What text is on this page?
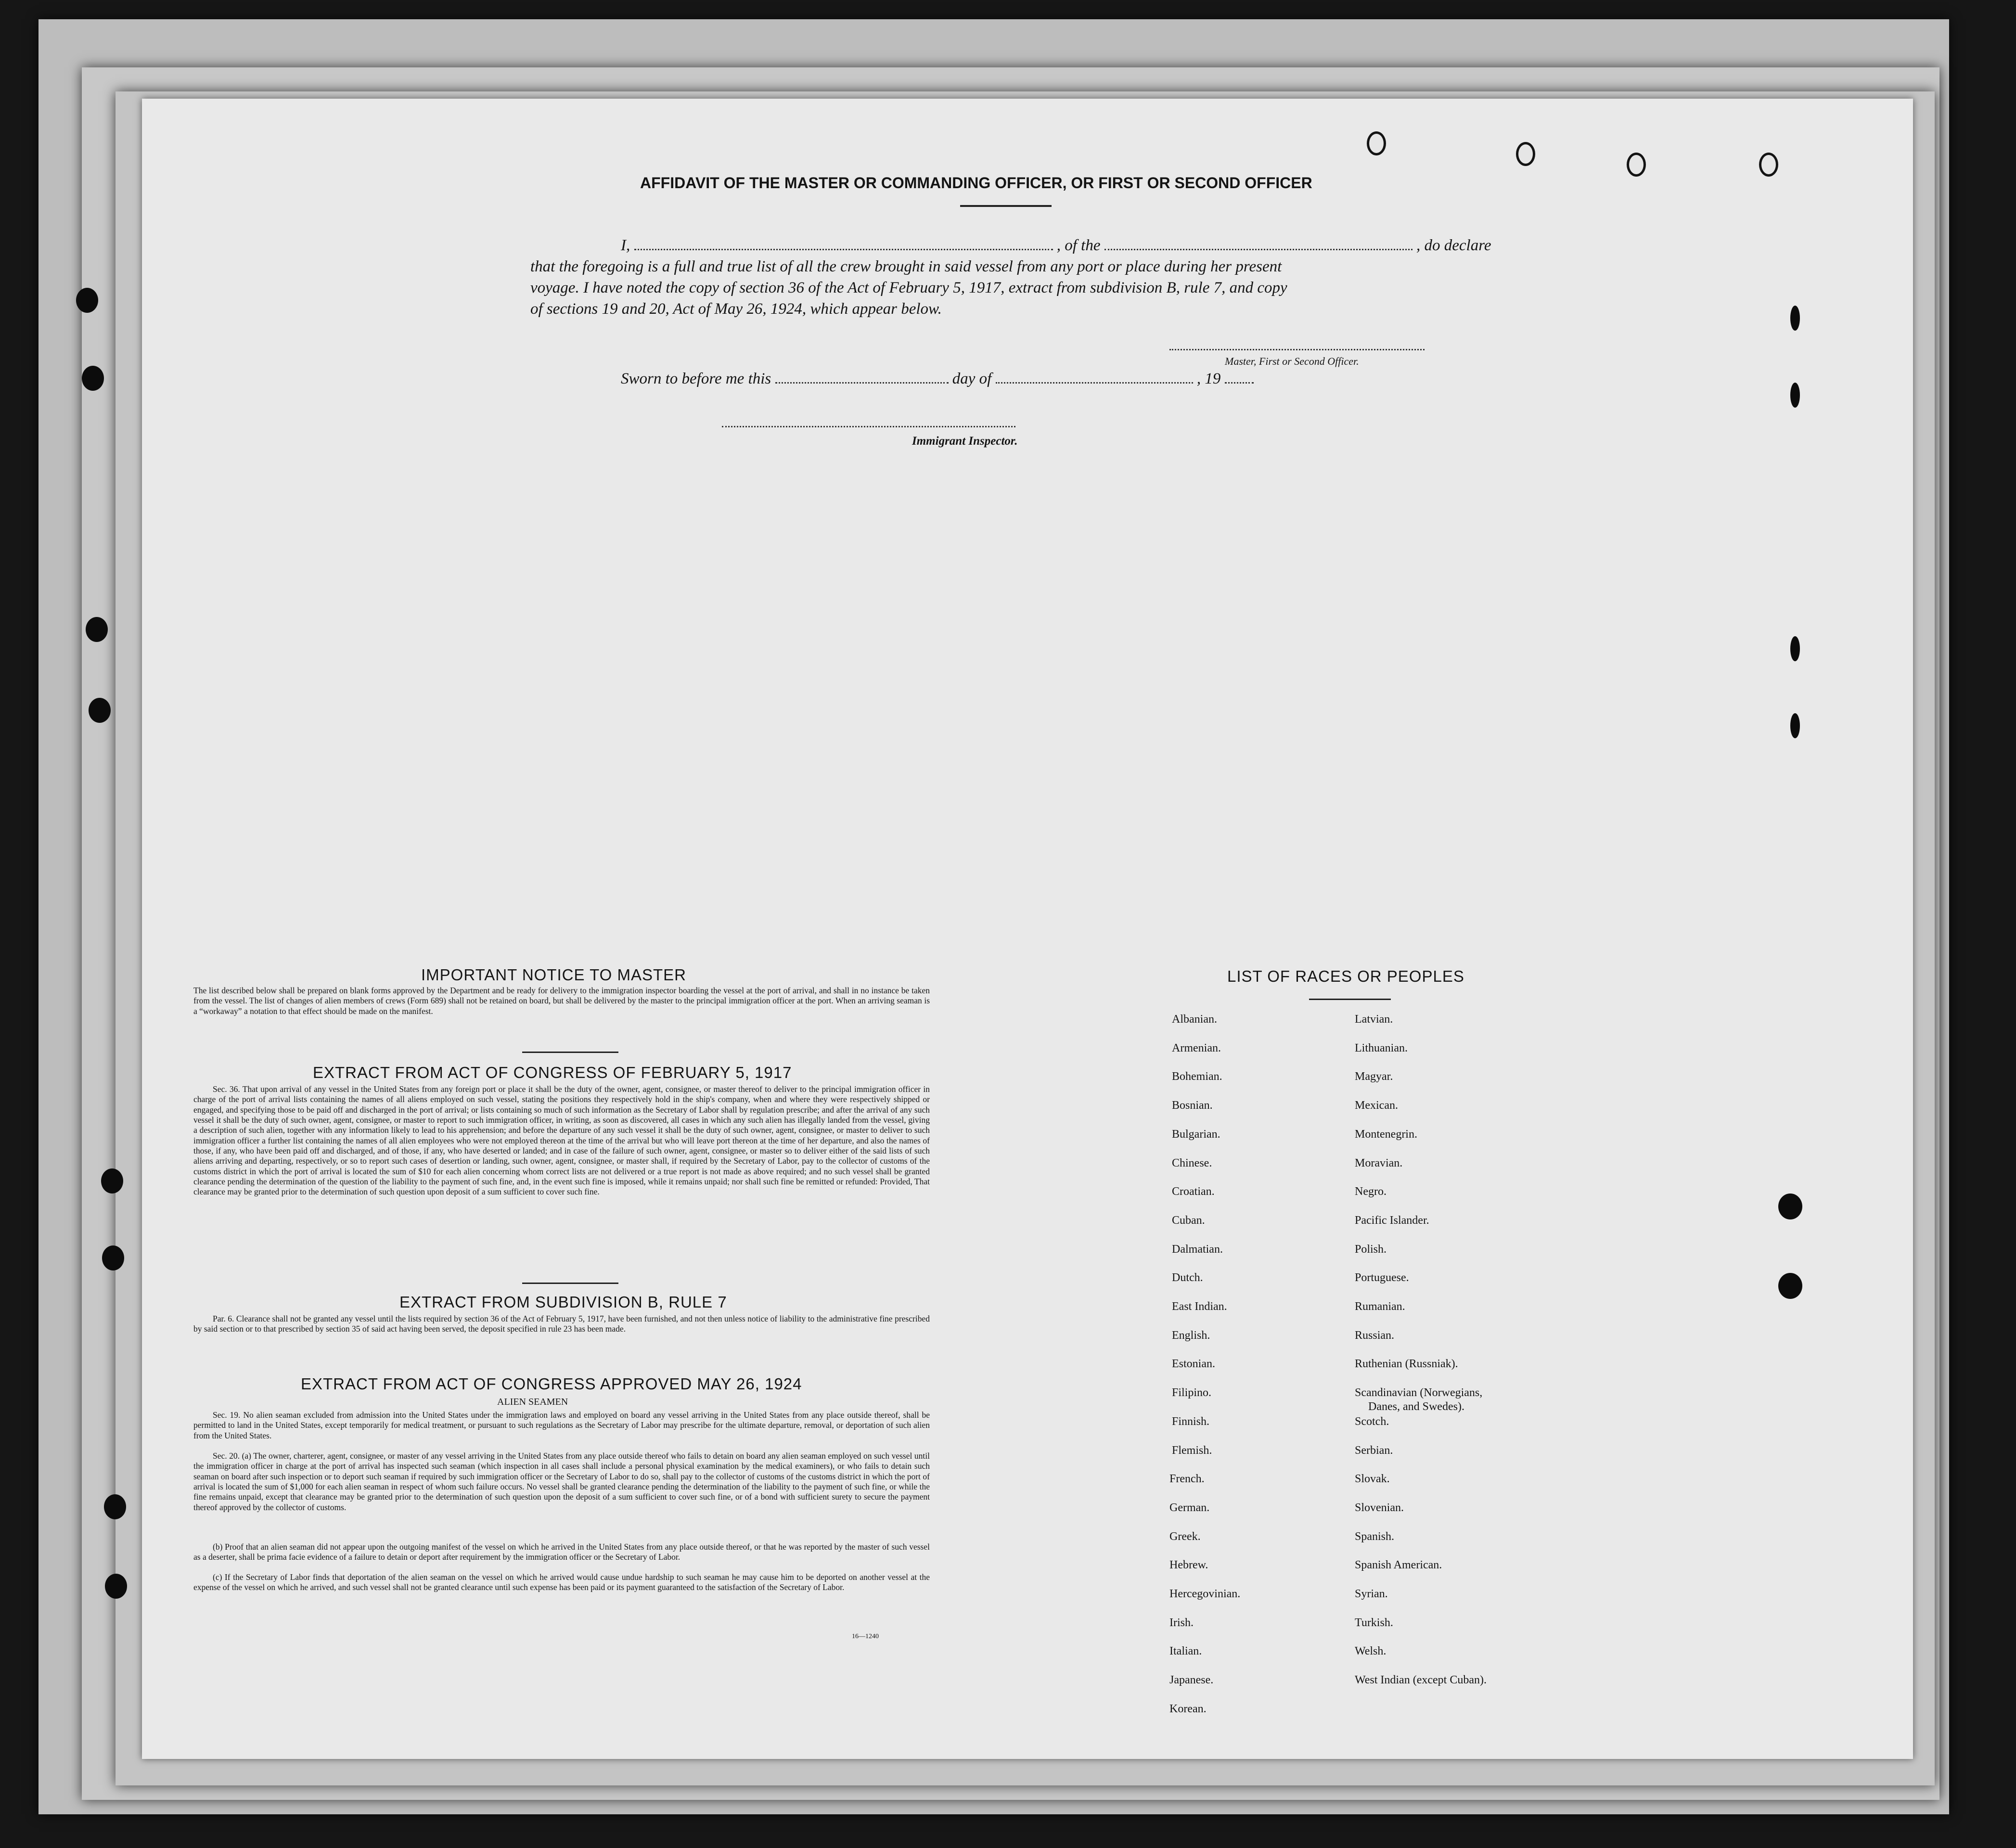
AFFIDAVIT OF THE MASTER OR COMMANDING OFFICER, OR FIRST OR SECOND OFFICER
I,	, of the	, do declare
that the foregoing is a full and true list of all the crew brought in said vessel from any port or place during her present
voyage. I have noted the copy of section 36 of the Act of February 5, 1917, extract from subdivision B, rule 7, and copy
of sections 19 and 20, Act of May 26, 1924, which appear below.
Master, First or Second Officer.
Sworn to before me this	day of	, 19
Immigrant Inspector.
IMPORTANT NOTICE TO MASTER
The list described below shall be prepared on blank forms approved by the Department and be ready for delivery to the immigration inspector boarding the vessel at the port of arrival, and shall in no instance be taken from the vessel. The list of changes of alien members of crews (Form 689) shall not be retained on board, but shall be delivered by the master to the principal immigration officer at the port. When an arriving seaman is a “workaway” a notation to that effect should be made on the manifest.
EXTRACT FROM ACT OF CONGRESS OF FEBRUARY 5, 1917
Sec. 36. That upon arrival of any vessel in the United States from any foreign port or place it shall be the duty of the owner, agent, consignee, or master thereof to deliver to the principal immigration officer in charge of the port of arrival lists containing the names of all aliens employed on such vessel, stating the positions they respectively hold in the ship's company, when and where they were respectively shipped or engaged, and specifying those to be paid off and discharged in the port of arrival; or lists containing so much of such information as the Secretary of Labor shall by regulation prescribe; and after the arrival of any such vessel it shall be the duty of such owner, agent, consignee, or master to report to such immigration officer, in writing, as soon as discovered, all cases in which any such alien has illegally landed from the vessel, giving a description of such alien, together with any information likely to lead to his apprehension; and before the departure of any such vessel it shall be the duty of such owner, agent, consignee, or master to deliver to such immigration officer a further list containing the names of all alien employees who were not employed thereon at the time of the arrival but who will leave port thereon at the time of her departure, and also the names of those, if any, who have been paid off and discharged, and of those, if any, who have deserted or landed; and in case of the failure of such owner, agent, consignee, or master so to deliver either of the said lists of such aliens arriving and departing, respectively, or so to report such cases of desertion or landing, such owner, agent, consignee, or master shall, if required by the Secretary of Labor, pay to the collector of customs of the customs district in which the port of arrival is located the sum of $10 for each alien concerning whom correct lists are not delivered or a true report is not made as above required; and no such vessel shall be granted clearance pending the determination of the question of the liability to the payment of such fine, and, in the event such fine is imposed, while it remains unpaid; nor shall such fine be remitted or refunded: Provided, That clearance may be granted prior to the determination of such question upon deposit of a sum sufficient to cover such fine.
EXTRACT FROM SUBDIVISION B, RULE 7
Par. 6. Clearance shall not be granted any vessel until the lists required by section 36 of the Act of February 5, 1917, have been furnished, and not then unless notice of liability to the administrative fine prescribed by said section or to that prescribed by section 35 of said act having been served, the deposit specified in rule 23 has been made.
EXTRACT FROM ACT OF CONGRESS APPROVED MAY 26, 1924
ALIEN SEAMEN
Sec. 19. No alien seaman excluded from admission into the United States under the immigration laws and employed on board any vessel arriving in the United States from any place outside thereof, shall be permitted to land in the United States, except temporarily for medical treatment, or pursuant to such regulations as the Secretary of Labor may prescribe for the ultimate departure, removal, or deportation of such alien from the United States.
Sec. 20. (a) The owner, charterer, agent, consignee, or master of any vessel arriving in the United States from any place outside thereof who fails to detain on board any alien seaman employed on such vessel until the immigration officer in charge at the port of arrival has inspected such seaman (which inspection in all cases shall include a personal physical examination by the medical examiners), or who fails to detain such seaman on board after such inspection or to deport such seaman if required by such immigration officer or the Secretary of Labor to do so, shall pay to the collector of customs of the customs district in which the port of arrival is located the sum of $1,000 for each alien seaman in respect of whom such failure occurs. No vessel shall be granted clearance pending the determination of the liability to the payment of such fine, or while the fine remains unpaid, except that clearance may be granted prior to the determination of such question upon the deposit of a sum sufficient to cover such fine, or of a bond with sufficient surety to secure the payment thereof approved by the collector of customs.
(b) Proof that an alien seaman did not appear upon the outgoing manifest of the vessel on which he arrived in the United States from any place outside thereof, or that he was reported by the master of such vessel as a deserter, shall be prima facie evidence of a failure to detain or deport after requirement by the immigration officer or the Secretary of Labor.
(c) If the Secretary of Labor finds that deportation of the alien seaman on the vessel on which he arrived would cause undue hardship to such seaman he may cause him to be deported on another vessel at the expense of the vessel on which he arrived, and such vessel shall not be granted clearance until such expense has been paid or its payment guaranteed to the satisfaction of the Secretary of Labor.
16—1240
LIST OF RACES OR PEOPLES
Albanian.
Armenian.
Bohemian.
Bosnian.
Bulgarian.
Chinese.
Croatian.
Cuban.
Dalmatian.
Dutch.
East Indian.
English.
Estonian.
Filipino.
Finnish.
Flemish.
French.
German.
Greek.
Hebrew.
Hercegovinian.
Irish.
Italian.
Japanese.
Korean.
Latvian.
Lithuanian.
Magyar.
Mexican.
Montenegrin.
Moravian.
Negro.
Pacific Islander.
Polish.
Portuguese.
Rumanian.
Russian.
Ruthenian (Russniak).
Scandinavian (Norwegians,
Danes, and Swedes).
Scotch.
Serbian.
Slovak.
Slovenian.
Spanish.
Spanish American.
Syrian.
Turkish.
Welsh.
West Indian (except Cuban).
